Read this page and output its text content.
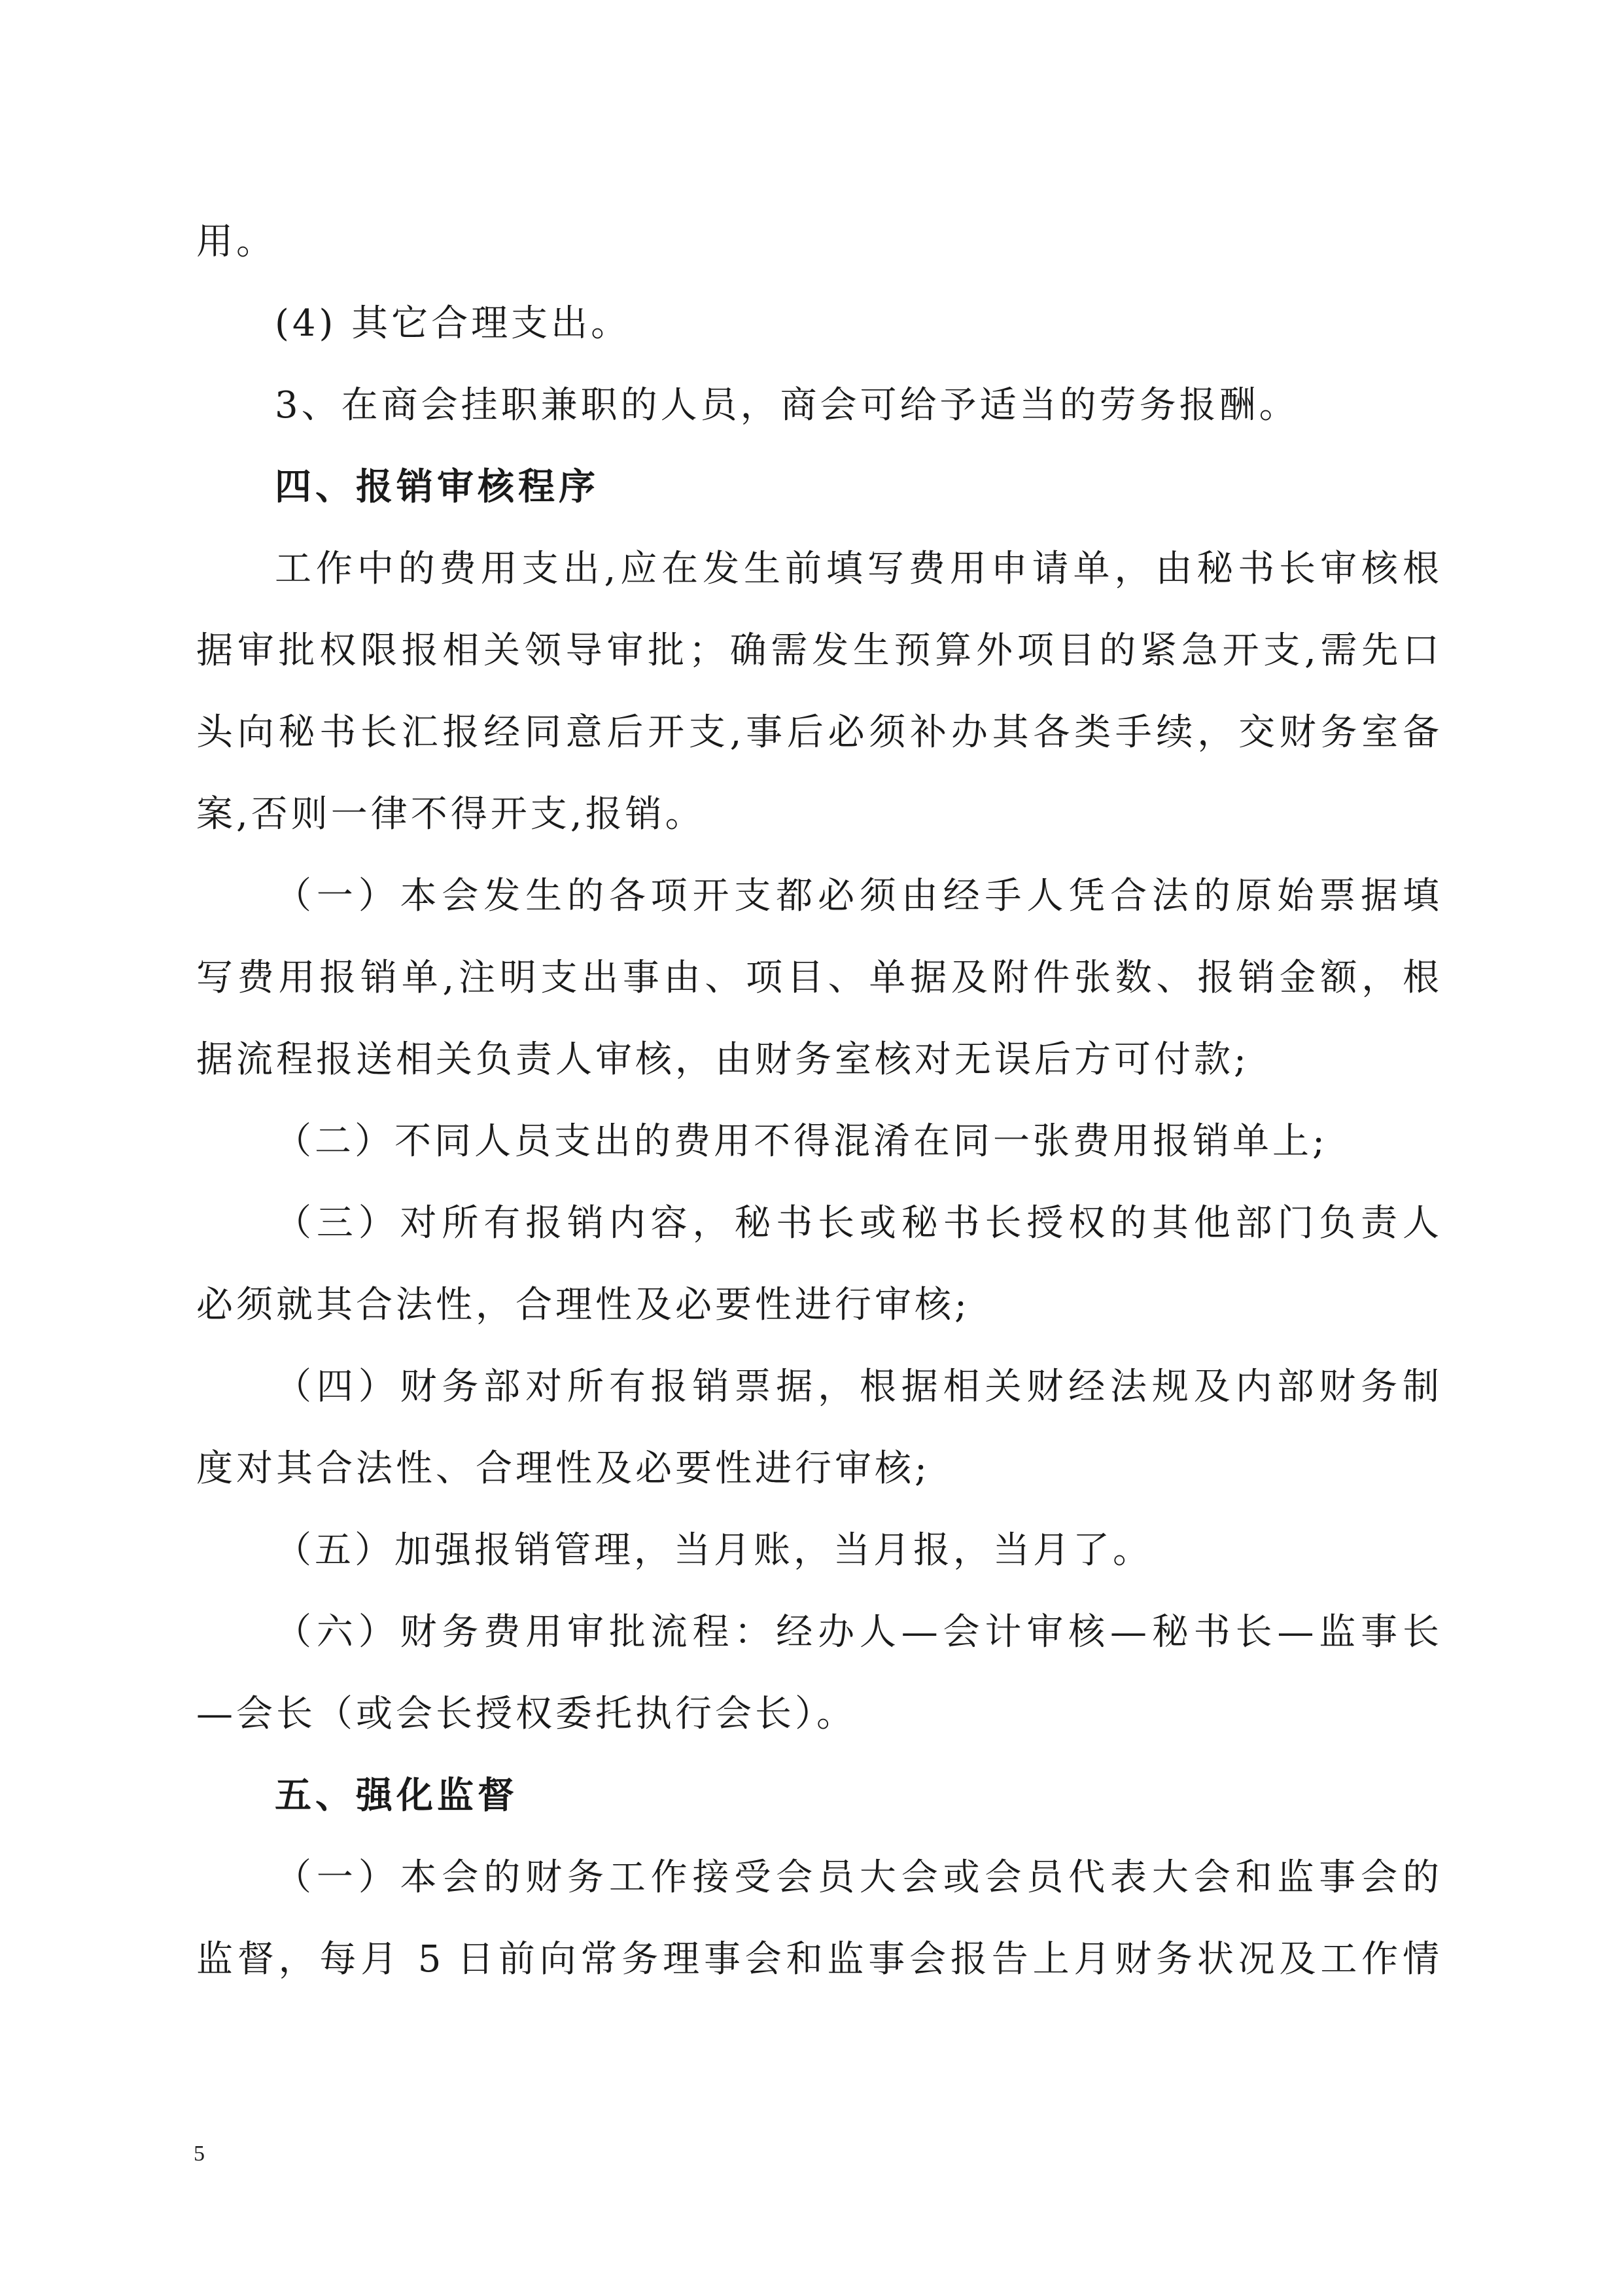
用。
(4) 其它合理支出。
3、在商会挂职兼职的人员，商会可给予适当的劳务报酬。
四、报销审核程序
工作中的费用支出,应在发生前填写费用申请单，由秘书长审核根
据审批权限报相关领导审批；确需发生预算外项目的紧急开支,需先口
头向秘书长汇报经同意后开支,事后必须补办其各类手续，交财务室备
案,否则一律不得开支,报销。
（一）本会发生的各项开支都必须由经手人凭合法的原始票据填
写费用报销单,注明支出事由、项目、单据及附件张数、报销金额，根
据流程报送相关负责人审核，由财务室核对无误后方可付款;
（二）不同人员支出的费用不得混淆在同一张费用报销单上;
（三）对所有报销内容，秘书长或秘书长授权的其他部门负责人
必须就其合法性，合理性及必要性进行审核;
（四）财务部对所有报销票据，根据相关财经法规及内部财务制
度对其合法性、合理性及必要性进行审核;
（五）加强报销管理，当月账，当月报，当月了。
（六）财务费用审批流程：经办人—会计审核—秘书长—监事长
—会长（或会长授权委托执行会长）。
五、强化监督
（一）本会的财务工作接受会员大会或会员代表大会和监事会的
监督，每月 5 日前向常务理事会和监事会报告上月财务状况及工作情
5
